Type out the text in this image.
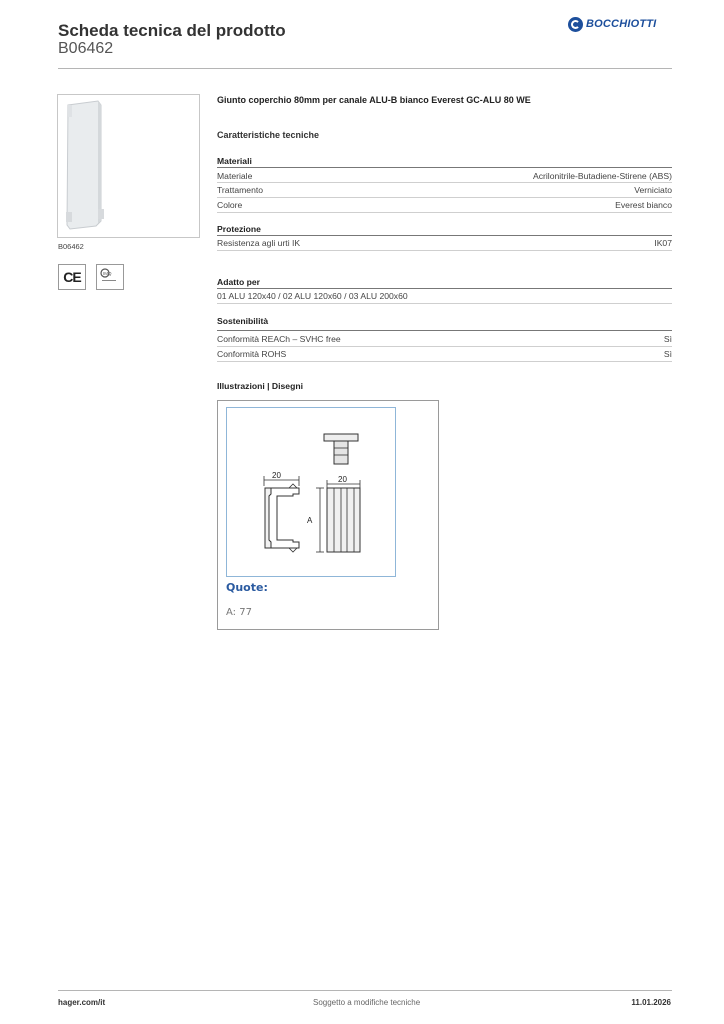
Scheda tecnica del prodotto
B06462
BOCCHIOTTI
B06462
CE	IMQ
Giunto coperchio 80mm per canale ALU-B bianco Everest GC-ALU 80 WE
Caratteristiche tecniche
Materiali
Materiale	Acrilonitrile-Butadiene-Stirene (ABS)
Trattamento	Verniciato
Colore	Everest bianco
Protezione
Resistenza agli urti IK	IK07
Adatto per
01 ALU 120x40 / 02 ALU 120x60 / 03 ALU 200x60
Sostenibilità
Conformità REACh – SVHC free	Sì
Conformità ROHS	Sì
Illustrazioni | Disegni
20	20
A
Quote:
A: 77
hager.com/it	Soggetto a modifiche tecniche	11.01.2026
